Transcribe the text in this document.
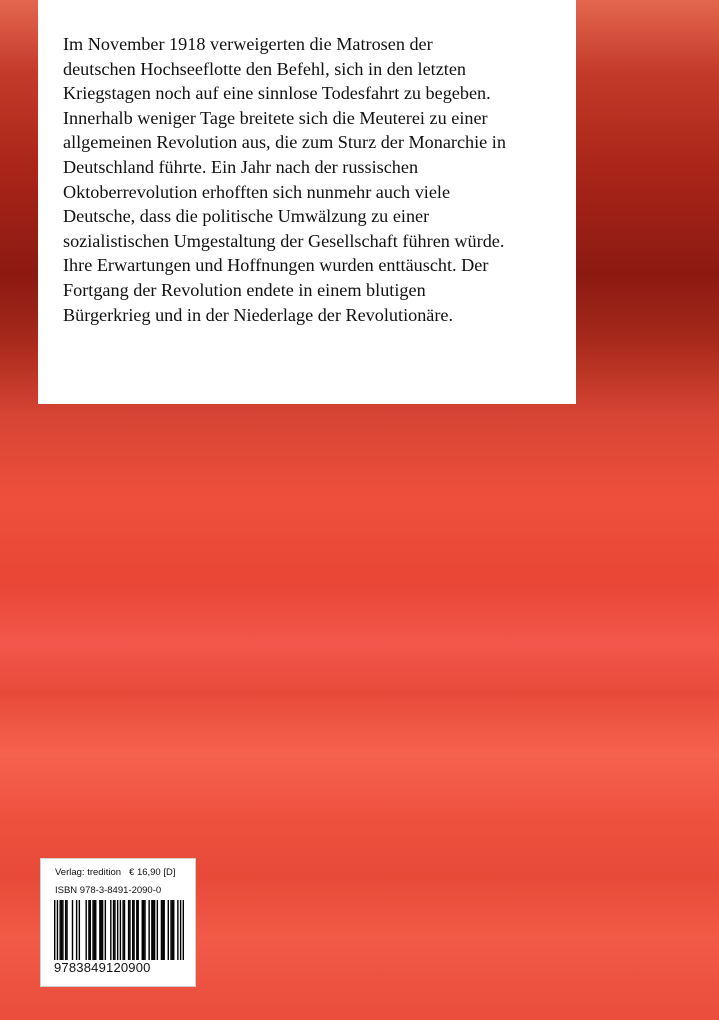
Im November 1918 verweigerten die Matrosen der
deutschen Hochseeflotte den Befehl, sich in den letzten
Kriegstagen noch auf eine sinnlose Todesfahrt zu begeben.
Innerhalb weniger Tage breitete sich die Meuterei zu einer
allgemeinen Revolution aus, die zum Sturz der Monarchie in
Deutschland führte. Ein Jahr nach der russischen
Oktoberrevolution erhofften sich nunmehr auch viele
Deutsche, dass die politische Umwälzung zu einer
sozialistischen Umgestaltung der Gesellschaft führen würde.
Ihre Erwartungen und Hoffnungen wurden enttäuscht. Der
Fortgang der Revolution endete in einem blutigen
Bürgerkrieg und in der Niederlage der Revolutionäre.

Verlag: tredition € 16,90 [D]
ISBN 978-3-8491-2090-0
9783849120900
